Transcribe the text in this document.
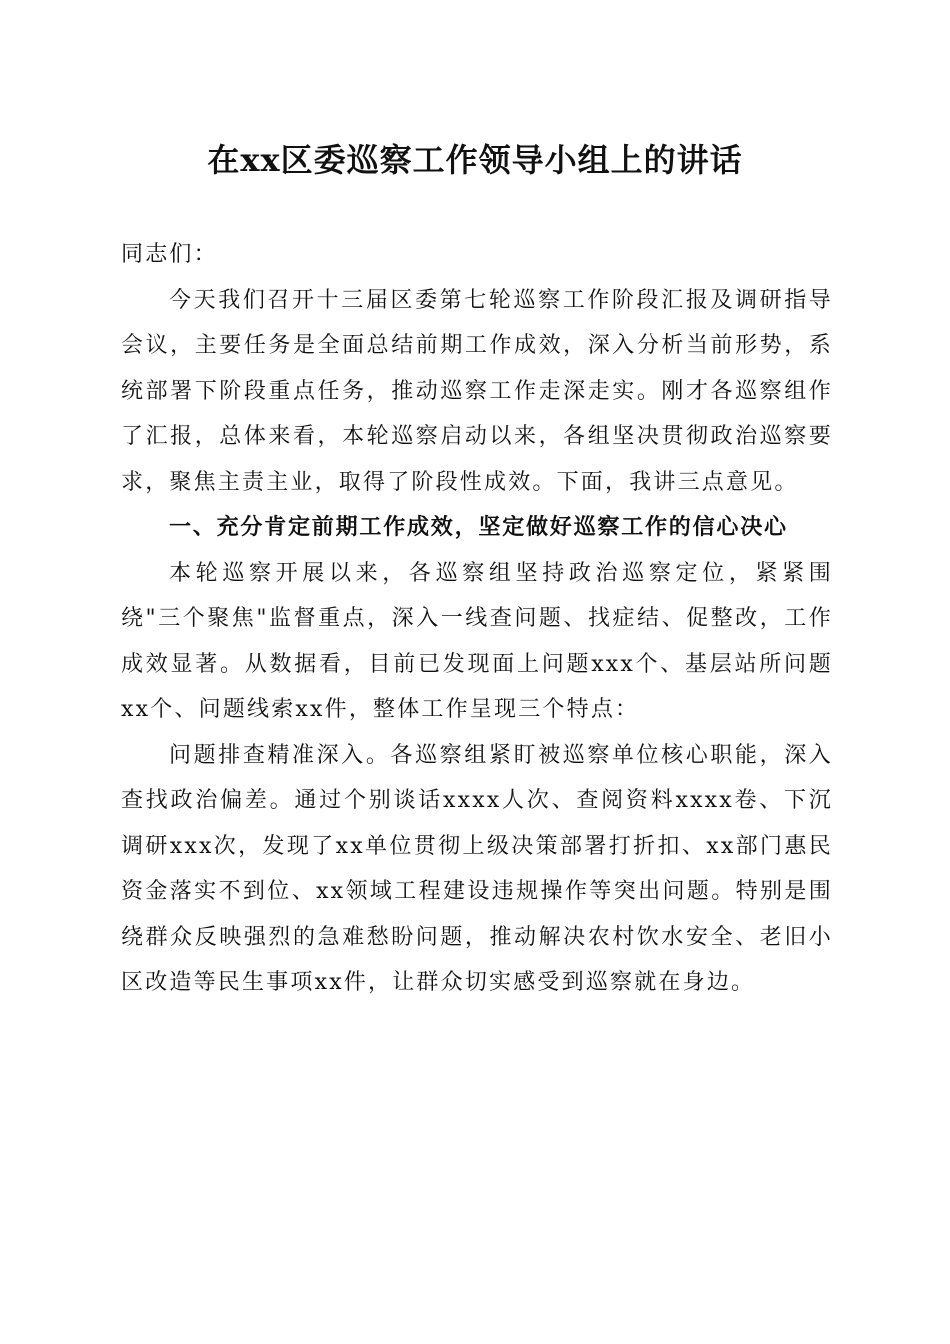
在xx区委巡察工作领导小组上的讲话

同志们：

今天我们召开十三届区委第七轮巡察工作阶段汇报及调研指导会议，主要任务是全面总结前期工作成效，深入分析当前形势，系统部署下阶段重点任务，推动巡察工作走深走实。刚才各巡察组作了汇报，总体来看，本轮巡察启动以来，各组坚决贯彻政治巡察要求，聚焦主责主业，取得了阶段性成效。下面，我讲三点意见。

一、充分肯定前期工作成效，坚定做好巡察工作的信心决心

本轮巡察开展以来，各巡察组坚持政治巡察定位，紧紧围绕"三个聚焦"监督重点，深入一线查问题、找症结、促整改，工作成效显著。从数据看，目前已发现面上问题xxx个、基层站所问题xx个、问题线索xx件，整体工作呈现三个特点：

问题排查精准深入。各巡察组紧盯被巡察单位核心职能，深入查找政治偏差。通过个别谈话xxxx人次、查阅资料xxxx卷、下沉调研xxx次，发现了xx单位贯彻上级决策部署打折扣、xx部门惠民资金落实不到位、xx领域工程建设违规操作等突出问题。特别是围绕群众反映强烈的急难愁盼问题，推动解决农村饮水安全、老旧小区改造等民生事项xx件，让群众切实感受到巡察就在身边。
